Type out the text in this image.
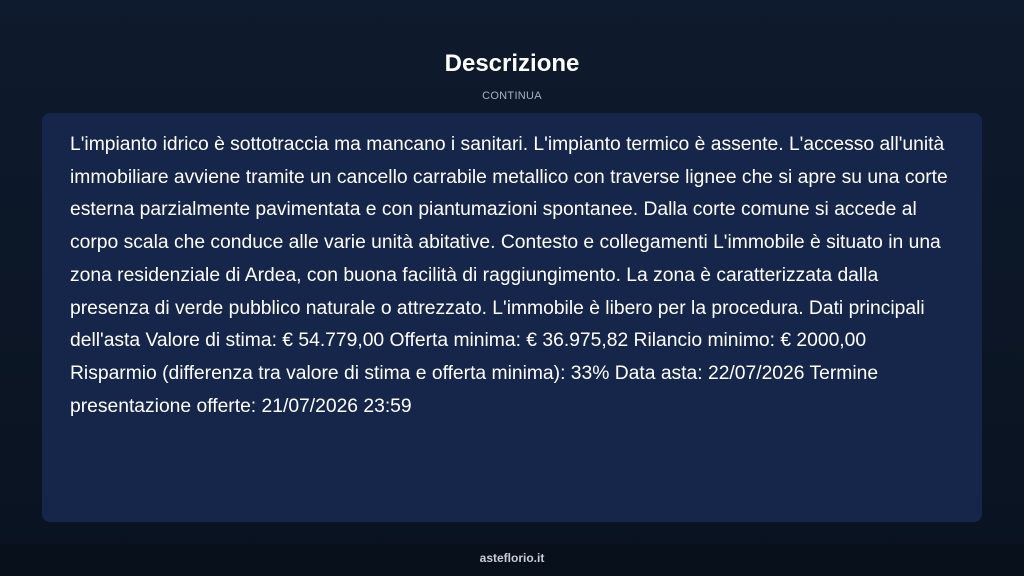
Descrizione
CONTINUA

L'impianto idrico è sottotraccia ma mancano i sanitari. L'impianto termico è assente. L'accesso all'unità immobiliare avviene tramite un cancello carrabile metallico con traverse lignee che si apre su una corte esterna parzialmente pavimentata e con piantumazioni spontanee. Dalla corte comune si accede al corpo scala che conduce alle varie unità abitative. Contesto e collegamenti L'immobile è situato in una zona residenziale di Ardea, con buona facilità di raggiungimento. La zona è caratterizzata dalla presenza di verde pubblico naturale o attrezzato. L'immobile è libero per la procedura. Dati principali dell'asta Valore di stima: € 54.779,00 Offerta minima: € 36.975,82 Rilancio minimo: € 2000,00 Risparmio (differenza tra valore di stima e offerta minima): 33% Data asta: 22/07/2026 Termine presentazione offerte: 21/07/2026 23:59

asteflorio.it
